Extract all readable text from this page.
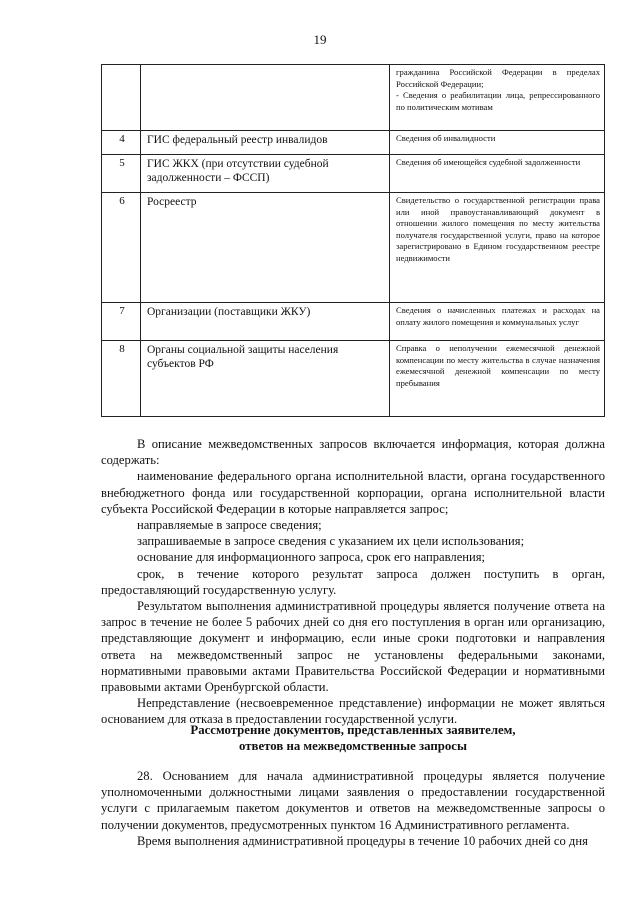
19

		гражданина Российской Федерации в пределах Российской Федерации;
- Сведения о реабилитации лица, репрессированного по политическим мотивам

4	ГИС федеральный реестр инвалидов	Сведения об инвалидности
5	ГИС ЖКХ (при отсутствии судебной задолженности – ФССП)	Сведения об имеющейся судебной задолженности
6	Росреестр	Свидетельство о государственной регистрации права или иной правоустанавливающий документ в отношении жилого помещения по месту жительства получателя государственной услуги, право на которое зарегистрировано в Едином государственном реестре недвижимости
7	Организации (поставщики ЖКУ)	Сведения о начисленных платежах и расходах на оплату жилого помещения и коммунальных услуг
8	Органы социальной защиты населения субъектов РФ	Справка о неполучении ежемесячной денежной компенсации по месту жительства в случае назначения ежемесячной денежной компенсации по месту пребывания

В описание межведомственных запросов включается информация, которая должна содержать:

наименование федерального органа исполнительной власти, органа государственного внебюджетного фонда или государственной корпорации, органа исполнительной власти субъекта Российской Федерации в которые направляется запрос;

направляемые в запросе сведения;

запрашиваемые в запросе сведения с указанием их цели использования;

основание для информационного запроса, срок его направления;

срок, в течение которого результат запроса должен поступить в орган, предоставляющий государственную услугу.

Результатом выполнения административной процедуры является получение ответа на запрос в течение не более 5 рабочих дней со дня его поступления в орган или организацию, представляющие документ и информацию, если иные сроки подготовки и направления ответа на межведомственный запрос не установлены федеральными законами, нормативными правовыми актами Правительства Российской Федерации и нормативными правовыми актами Оренбургской области.

Непредставление (несвоевременное представление) информации не может являться основанием для отказа в предоставлении государственной услуги.

Рассмотрение документов, представленных заявителем,
ответов на межведомственные запросы

28. Основанием для начала административной процедуры является получение уполномоченными должностными лицами заявления о предоставлении государственной услуги с прилагаемым пакетом документов и ответов на межведомственные запросы о получении документов, предусмотренных пунктом 16 Административного регламента.

Время выполнения административной процедуры в течение 10 рабочих дней со дня
